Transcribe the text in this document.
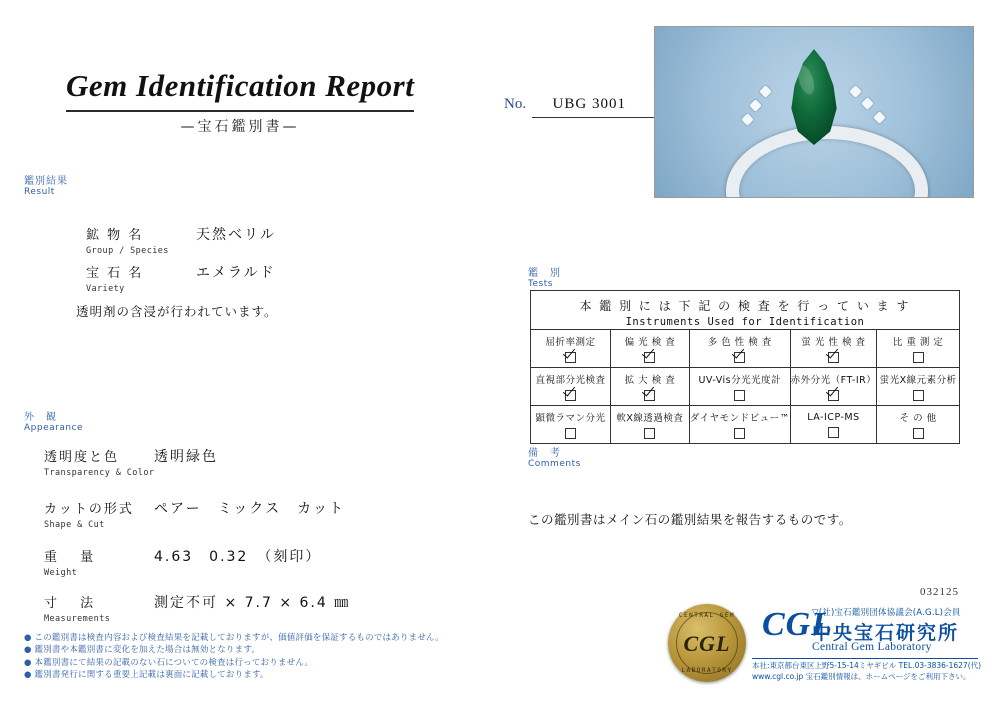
Gem Identification Report
—宝石鑑別書—
No. UBG 3001
鑑別結果
Result
鉱 物 名
Group / Species
天然ベリル
宝 石 名
Variety
エメラルド
透明剤の含浸が行われています。
外　観
Appearance
透明度と色
Transparency & Color
透明緑色
カットの形式
Shape & Cut
ペアー　ミックス　カット
重　 量
Weight
4.63　0.32　（刻印）
寸　 法
Measurements
測定不可 × 7.7 × 6.4 ㎜
鑑　別
Tests
本 鑑 別 に は 下 記 の 検 査 を 行 っ て い ま す
Instruments Used for Identification				

屈折率測定	偏 光 検 査	多 色 性 検 査	蛍 光 性 検 査	比 重 測 定

直視部分光検査	拡 大 検 査	UV-Vis分光光度計	赤外分光（FT-IR）	蛍光X線元素分析

顕微ラマン分光	軟X線透過検査	ダイヤモンドビュー™	LA-ICP-MS	そ の 他
備　考
Comments
この鑑別書はメイン石の鑑別結果を報告するものです。
● この鑑別書は検査内容および検査結果を記載しておりますが、価値評価を保証するものではありません。
● 鑑別書や本鑑別書に変化を加えた場合は無効となります。
● 本鑑別書にて結果の記載のない石についての検査は行っておりません。
● 鑑別書発行に関する重要上記載は裏面に記載しております。
032125
CENTRAL GEM
CGL
LABORATORY
CGL
▽(社)宝石鑑別団体協議会(A.G.L)会員
中央宝石研究所
Central Gem Laboratory
本社:東京都台東区上野5-15-14ミヤギビル TEL.03-3836-1627(代)
www.cgl.co.jp 宝石鑑別情報は、ホームページをご利用下さい。
